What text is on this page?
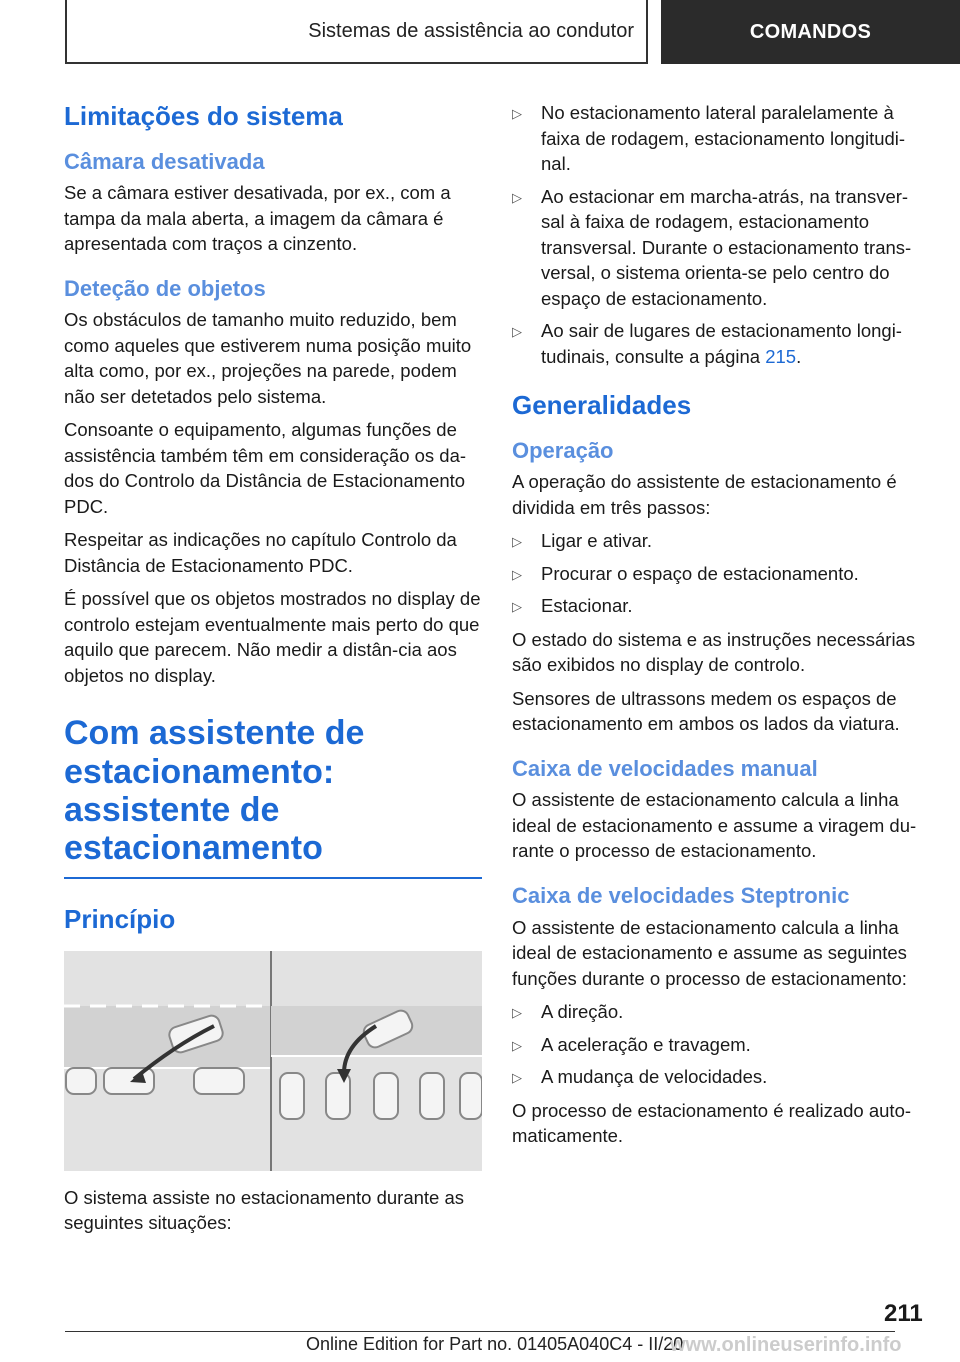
Sistemas de assistência ao condutor	COMANDOS
Limitações do sistema
Câmara desativada

Se a câmara estiver desativada, por ex., com a tampa da mala aberta, a imagem da câmara é apresentada com traços a cinzento.

Deteção de objetos

Os obstáculos de tamanho muito reduzido, bem como aqueles que estiverem numa posição muito alta como, por ex., projeções na parede, podem não ser detetados pelo sistema.

Consoante o equipamento, algumas funções de assistência também têm em consideração os da-dos do Controlo da Distância de Estacionamento PDC.

Respeitar as indicações no capítulo Controlo da Distância de Estacionamento PDC.

É possível que os objetos mostrados no display de controlo estejam eventualmente mais perto do que aquilo que parecem. Não medir a distân-cia aos objetos no display.

Com assistente de estacionamento: assistente de estacionamento
Princípio

O sistema assiste no estacionamento durante as seguintes situações:

▷ No estacionamento lateral paralelamente à faixa de rodagem, estacionamento longitudi-nal.
▷ Ao estacionar em marcha-atrás, na transver-sal à faixa de rodagem, estacionamento transversal. Durante o estacionamento trans-versal, o sistema orienta-se pelo centro do espaço de estacionamento.
▷ Ao sair de lugares de estacionamento longi-tudinais, consulte a página 215.
Generalidades
Operação

A operação do assistente de estacionamento é dividida em três passos:

▷ Ligar e ativar.
▷ Procurar o espaço de estacionamento.
▷ Estacionar.

O estado do sistema e as instruções necessárias são exibidos no display de controlo.

Sensores de ultrassons medem os espaços de estacionamento em ambos os lados da viatura.

Caixa de velocidades manual

O assistente de estacionamento calcula a linha ideal de estacionamento e assume a viragem du-rante o processo de estacionamento.

Caixa de velocidades Steptronic

O assistente de estacionamento calcula a linha ideal de estacionamento e assume as seguintes funções durante o processo de estacionamento:

▷ A direção.
▷ A aceleração e travagem.
▷ A mudança de velocidades.

O processo de estacionamento é realizado auto-maticamente.

211
Online Edition for Part no. 01405A040C4 - II/20
www.onlineuserinfo.info
